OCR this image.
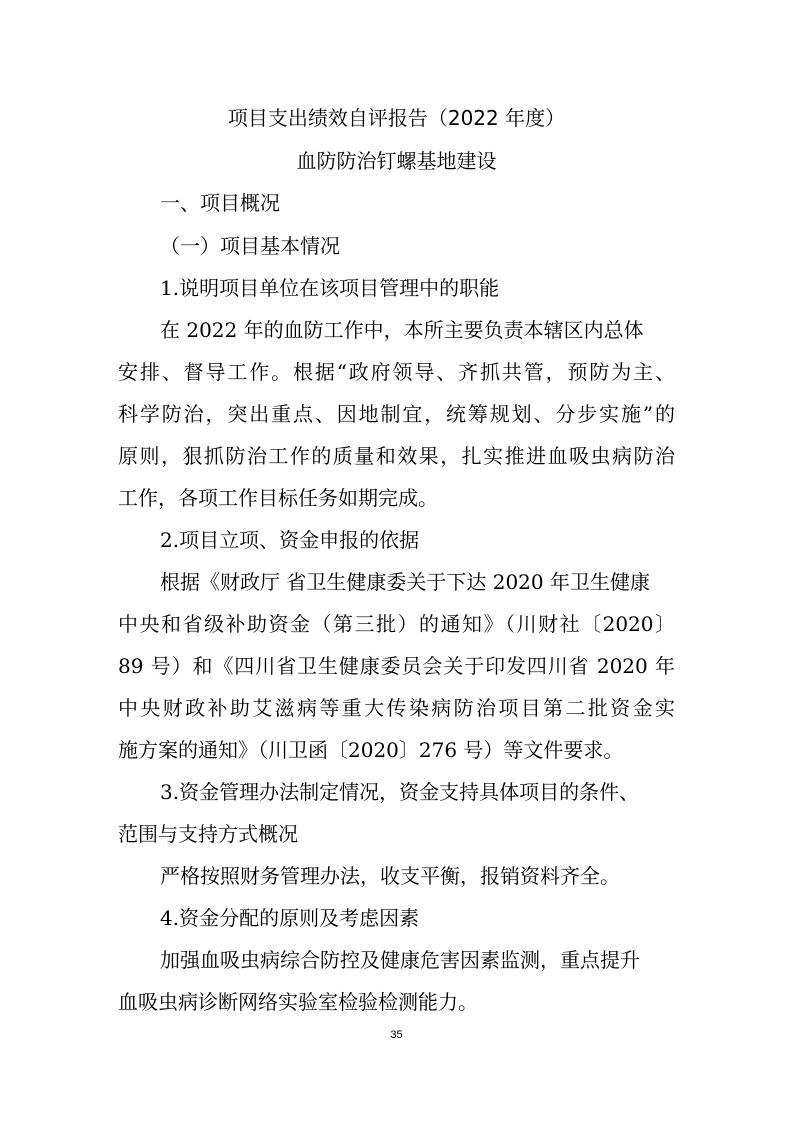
项目支出绩效自评报告（2022 年度）
血防防治钉螺基地建设
一、项目概况
（一）项目基本情况
1.说明项目单位在该项目管理中的职能
在 2022 年的血防工作中，本所主要负责本辖区内总体
安排、督导工作。根据“政府领导、齐抓共管，预防为主、
科学防治，突出重点、因地制宜，统筹规划、分步实施”的
原则，狠抓防治工作的质量和效果，扎实推进血吸虫病防治
工作，各项工作目标任务如期完成。
2.项目立项、资金申报的依据
根据《财政厅 省卫生健康委关于下达 2020 年卫生健康
中央和省级补助资金（第三批）的通知》（川财社〔2020〕
89 号）和《四川省卫生健康委员会关于印发四川省 2020 年
中央财政补助艾滋病等重大传染病防治项目第二批资金实
施方案的通知》（川卫函〔2020〕276 号）等文件要求。
3.资金管理办法制定情况，资金支持具体项目的条件、
范围与支持方式概况
严格按照财务管理办法，收支平衡，报销资料齐全。
4.资金分配的原则及考虑因素
加强血吸虫病综合防控及健康危害因素监测，重点提升
血吸虫病诊断网络实验室检验检测能力。
35
